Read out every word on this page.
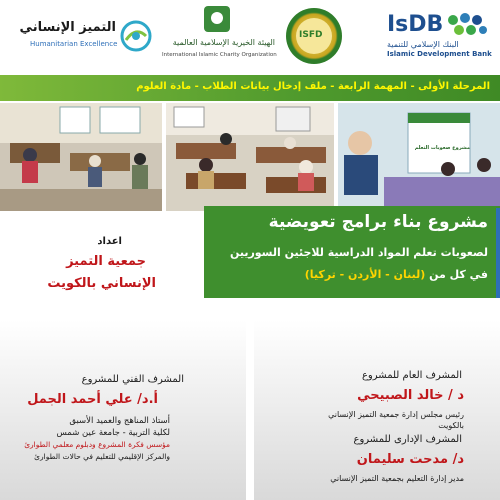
IsDB
البنك الإسلامي للتنمية
Islamic Development Bank
ISFD
الهيئة الخيرية الإسلامية العالمية
International Islamic Charity Organization
التميز الإنساني
Humanitarian Excellence
المرحلة الأولى - المهمة الرابعة - ملف إدخال بيانات الطلاب - مادة العلوم
مشروع صعوبات التعلم
مشروع بناء برامج تعويضية
لصعوبات تعلم المواد الدراسية للاجئين السوريين
في كل من (لبنان - الأردن - تركيا)
اعداد
جمعية التميز
الإنساني بالكويت
المشرف الفني للمشروع
أ.د/ علي أحمد الجمل
أستاذ المناهج والعميد الأسبق
لكلية التربية - جامعة عين شمس
مؤسس فكرة المشروع ودبلوم معلمي الطوارئ
والمركز الإقليمي للتعليم في حالات الطوارئ
المشرف العام للمشروع
د / خالد الصبيحي
رئيس مجلس إدارة جمعية التميز الإنساني
بالكويت
المشرف الإدارى للمشروع
د/ مدحت سليمان
مدير إدارة التعليم بجمعية التميز الإنساني
